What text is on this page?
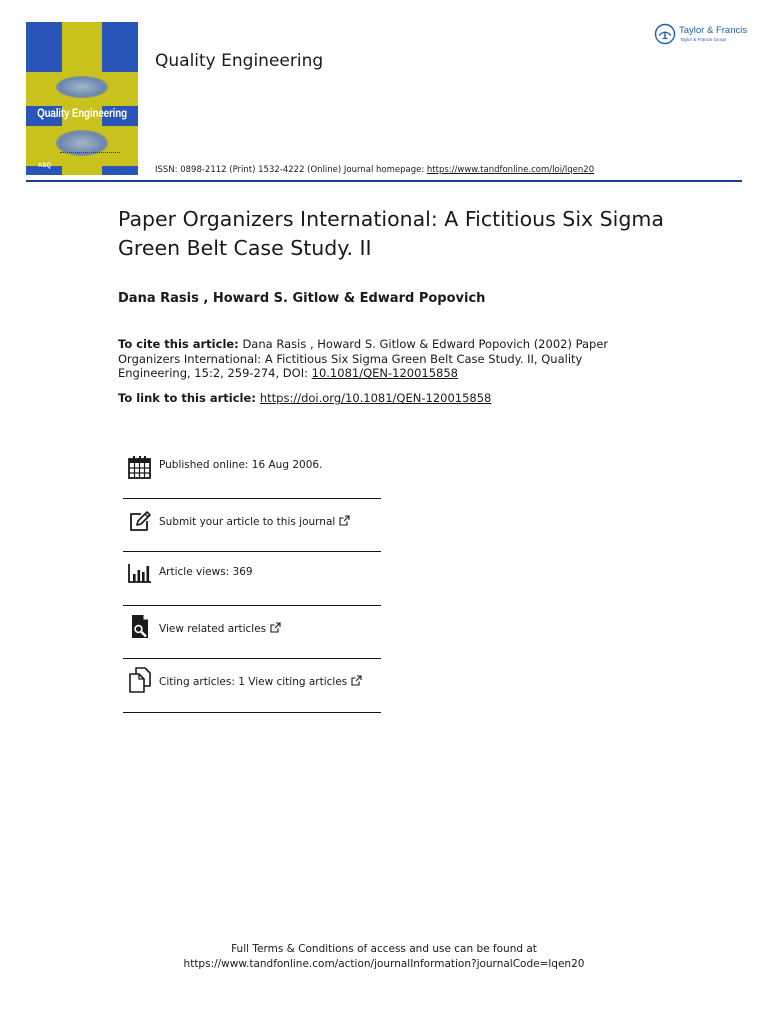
Quality Engineering
ASQ
Quality Engineering
ISSN: 0898-2112 (Print) 1532-4222 (Online) Journal homepage: https://www.tandfonline.com/loi/lqen20
Taylor & Francis
Taylor & Francis Group
Paper Organizers International: A Fictitious Six Sigma Green Belt Case Study. II
Dana Rasis , Howard S. Gitlow & Edward Popovich
To cite this article: Dana Rasis , Howard S. Gitlow & Edward Popovich (2002) Paper Organizers International: A Fictitious Six Sigma Green Belt Case Study. II, Quality Engineering, 15:2, 259-274, DOI: 10.1081/QEN-120015858
To link to this article: https://doi.org/10.1081/QEN-120015858
Published online: 16 Aug 2006.
Submit your article to this journal
Article views: 369
View related articles
Citing articles: 1 View citing articles
Full Terms & Conditions of access and use can be found at
https://www.tandfonline.com/action/journalInformation?journalCode=lqen20
